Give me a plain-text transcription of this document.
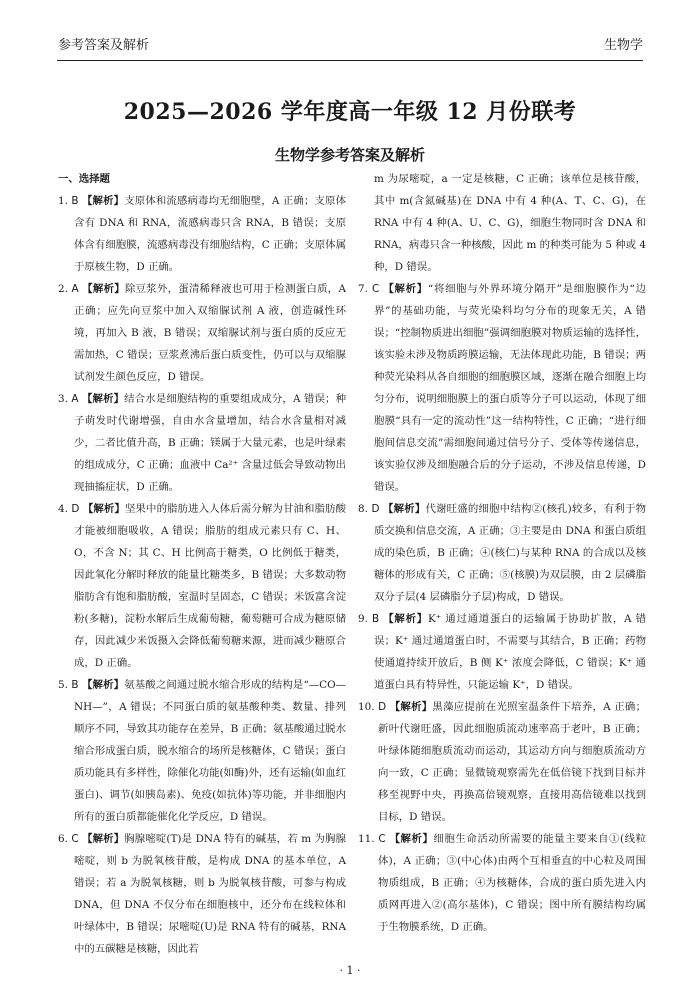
参考答案及解析	生物学
2025—2026 学年度高一年级 12 月份联考
生物学参考答案及解析
一、选择题
1. B 【解析】支原体和流感病毒均无细胞壁，A 正确；支原体含有 DNA 和 RNA，流感病毒只含 RNA，B 错误；支原体含有细胞膜，流感病毒没有细胞结构，C 正确；支原体属于原核生物，D 正确。
2. A 【解析】除豆浆外，蛋清稀释液也可用于检测蛋白质，A 正确；应先向豆浆中加入双缩脲试剂 A 液，创造碱性环境，再加入 B 液，B 错误；双缩脲试剂与蛋白质的反应无需加热，C 错误；豆浆煮沸后蛋白质变性，仍可以与双缩脲试剂发生颜色反应，D 错误。
3. A 【解析】结合水是细胞结构的重要组成成分，A 错误；种子萌发时代谢增强，自由水含量增加，结合水含量相对减少，二者比值升高，B 正确；镁属于大量元素，也是叶绿素的组成成分，C 正确；血液中 Ca²⁺ 含量过低会导致动物出现抽搐症状，D 正确。
4. D 【解析】坚果中的脂肪进入人体后需分解为甘油和脂肪酸才能被细胞吸收，A 错误；脂肪的组成元素只有 C、H、O，不含 N；其 C、H 比例高于糖类，O 比例低于糖类，因此氧化分解时释放的能量比糖类多，B 错误；大多数动物脂肪含有饱和脂肪酸，室温时呈固态，C 错误；米饭富含淀粉(多糖)，淀粉水解后生成葡萄糖，葡萄糖可合成为糖原储存，因此减少米饭摄入会降低葡萄糖来源，进而减少糖原合成，D 正确。
5. B 【解析】氨基酸之间通过脱水缩合形成的结构是“—CO—NH—”，A 错误；不同蛋白质的氨基酸种类、数量、排列顺序不同，导致其功能存在差异，B 正确；氨基酸通过脱水缩合形成蛋白质，脱水缩合的场所是核糖体，C 错误；蛋白质功能具有多样性，除催化功能(如酶)外，还有运输(如血红蛋白)、调节(如胰岛素)、免疫(如抗体)等功能，并非细胞内所有的蛋白质都能催化化学反应，D 错误。
6. C 【解析】胸腺嘧啶(T)是 DNA 特有的碱基，若 m 为胸腺嘧啶，则 b 为脱氧核苷酸，是构成 DNA 的基本单位，A 错误；若 a 为脱氧核糖，则 b 为脱氧核苷酸，可参与构成 DNA，但 DNA 不仅分布在细胞核中，还分布在线粒体和叶绿体中，B 错误；尿嘧啶(U)是 RNA 特有的碱基，RNA 中的五碳糖是核糖，因此若
m 为尿嘧啶，a 一定是核糖，C 正确；该单位是核苷酸，其中 m(含氮碱基)在 DNA 中有 4 种(A、T、C、G)，在 RNA 中有 4 种(A、U、C、G)，细胞生物同时含 DNA 和 RNA，病毒只含一种核酸，因此 m 的种类可能为 5 种或 4 种，D 错误。
7. C 【解析】“将细胞与外界环境分隔开”是细胞膜作为“边界”的基础功能，与荧光染料均匀分布的现象无关，A 错误；“控制物质进出细胞”强调细胞膜对物质运输的选择性，该实验未涉及物质跨膜运输，无法体现此功能，B 错误；两种荧光染料从各自细胞的细胞膜区域，逐渐在融合细胞上均匀分布，说明细胞膜上的蛋白质等分子可以运动，体现了细胞膜“具有一定的流动性”这一结构特性，C 正确；“进行细胞间信息交流”需细胞间通过信号分子、受体等传递信息，该实验仅涉及细胞融合后的分子运动，不涉及信息传递，D 错误。
8. D 【解析】代谢旺盛的细胞中结构②(核孔)较多，有利于物质交换和信息交流，A 正确；③主要是由 DNA 和蛋白质组成的染色质，B 正确；④(核仁)与某种 RNA 的合成以及核糖体的形成有关，C 正确；⑤(核膜)为双层膜，由 2 层磷脂双分子层(4 层磷脂分子层)构成，D 错误。
9. B 【解析】K⁺ 通过通道蛋白的运输属于协助扩散，A 错误；K⁺ 通过通道蛋白时，不需要与其结合，B 正确；药物使通道持续开放后，B 侧 K⁺ 浓度会降低，C 错误；K⁺ 通道蛋白具有特异性，只能运输 K⁺，D 错误。
10. D 【解析】黑藻应提前在光照室温条件下培养，A 正确；新叶代谢旺盛，因此细胞质流动速率高于老叶，B 正确；叶绿体随细胞质流动而运动，其运动方向与细胞质流动方向一致，C 正确；显微镜观察需先在低倍镜下找到目标并移至视野中央，再换高倍镜观察，直接用高倍镜难以找到目标，D 错误。
11. C 【解析】细胞生命活动所需要的能量主要来自①(线粒体)，A 正确；③(中心体)由两个互相垂直的中心粒及周围物质组成，B 正确；④为核糖体，合成的蛋白质先进入内质网再进入②(高尔基体)，C 错误；图中所有膜结构均属于生物膜系统，D 正确。
· 1 ·
